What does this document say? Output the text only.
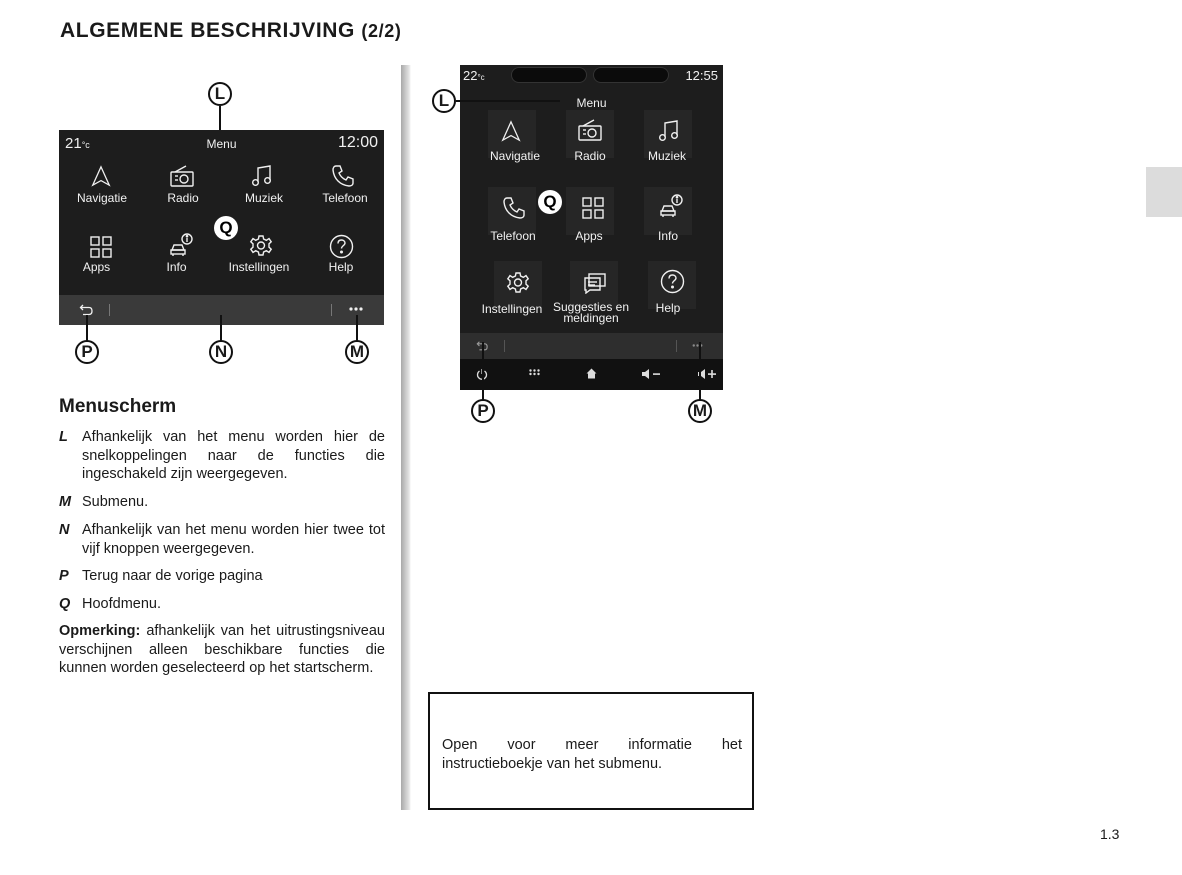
ALGEMENE BESCHRIJVING (2/2)
L
21°c	Menu	12:00
Navigatie	Radio	Muziek	Telefoon
Apps	Info	Instellingen	Help
Q
P	N	M
22°c	12:55
Menu
Navigatie	Radio	Muziek
Telefoon	Apps	Info
Q
Instellingen Suggesties en
meldingen
Help
L
P	M
Menuscherm
L Afhankelijk van het menu worden hier de snelkoppelingen naar de functies die ingeschakeld zijn weergegeven.
M Submenu.
N Afhankelijk van het menu worden hier twee tot vijf knoppen weergegeven.
P Terug naar de vorige pagina
Q Hoofdmenu.
Opmerking: afhankelijk van het uitrustingsniveau verschijnen alleen beschikbare functies die kunnen worden geselecteerd op het startscherm.
Open voor meer informatie het instructieboekje van het submenu.
1.3
